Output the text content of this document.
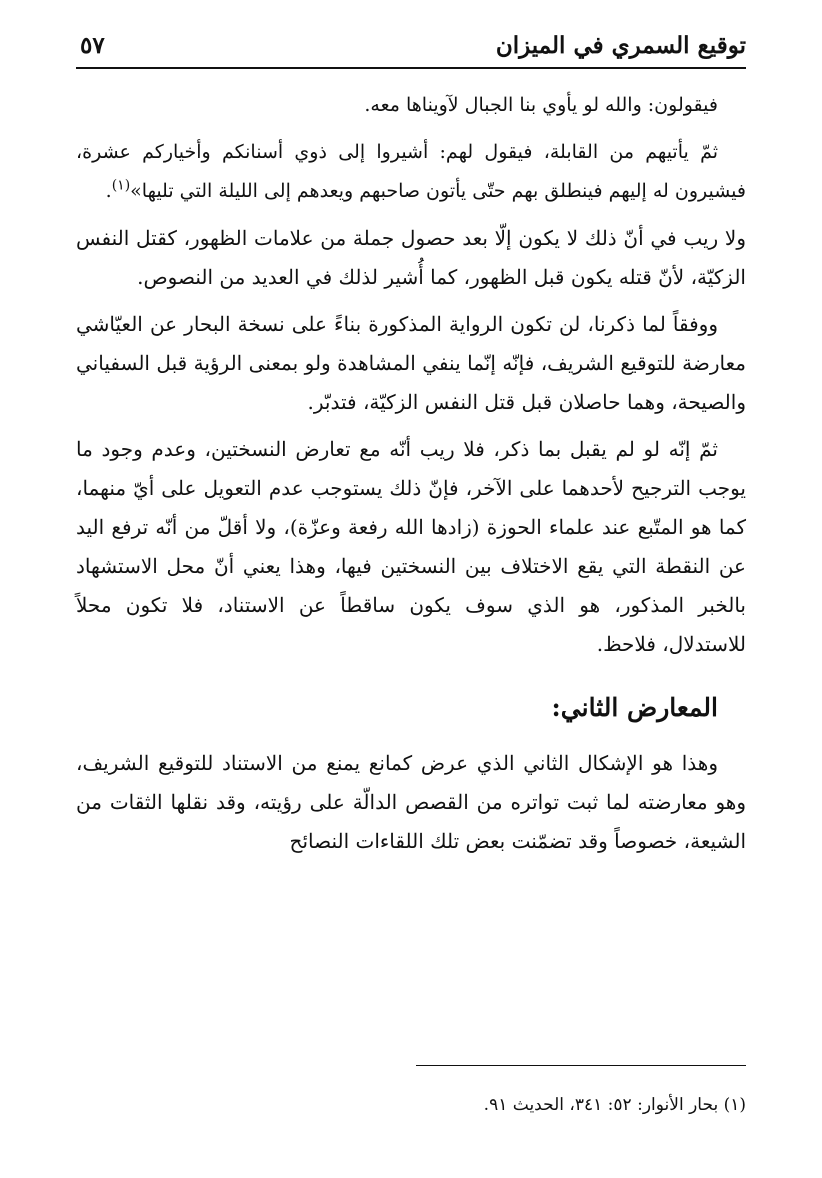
توقيع السمري في الميزان
٥٧

فيقولون: والله لو يأوي بنا الجبال لآويناها معه.

ثمّ يأتيهم من القابلة، فيقول لهم: أشيروا إلى ذوي أسنانكم وأخياركم عشرة، فيشيرون له إليهم فينطلق بهم حتّى يأتون صاحبهم ويعدهم إلى الليلة التي تليها»$^{(١)}$.

ولا ريب في أنّ ذلك لا يكون إلّا بعد حصول جملة من علامات الظهور، كقتل النفس الزكيّة، لأنّ قتله يكون قبل الظهور، كما أُشير لذلك في العديد من النصوص.

ووفقاً لما ذكرنا، لن تكون الرواية المذكورة بناءً على نسخة البحار عن العيّاشي معارضة للتوقيع الشريف، فإنّه إنّما ينفي المشاهدة ولو بمعنى الرؤية قبل السفياني والصيحة، وهما حاصلان قبل قتل النفس الزكيّة، فتدبّر.

ثمّ إنّه لو لم يقبل بما ذكر، فلا ريب أنّه مع تعارض النسختين، وعدم وجود ما يوجب الترجيح لأحدهما على الآخر، فإنّ ذلك يستوجب عدم التعويل على أيّ منهما، كما هو المتّبع عند علماء الحوزة (زادها الله رفعة وعزّة)، ولا أقلّ من أنّه ترفع اليد عن النقطة التي يقع الاختلاف بين النسختين فيها، وهذا يعني أنّ محل الاستشهاد بالخبر المذكور، هو الذي سوف يكون ساقطاً عن الاستناد، فلا تكون محلاً للاستدلال، فلاحظ.

المعارض الثاني:

وهذا هو الإشكال الثاني الذي عرض كمانع يمنع من الاستناد للتوقيع الشريف، وهو معارضته لما ثبت تواتره من القصص الدالّة على رؤيته، وقد نقلها الثقات من الشيعة، خصوصاً وقد تضمّنت بعض تلك اللقاءات النصائح

(١) بحار الأنوار: ٥٢: ٣٤١، الحديث ٩١.
